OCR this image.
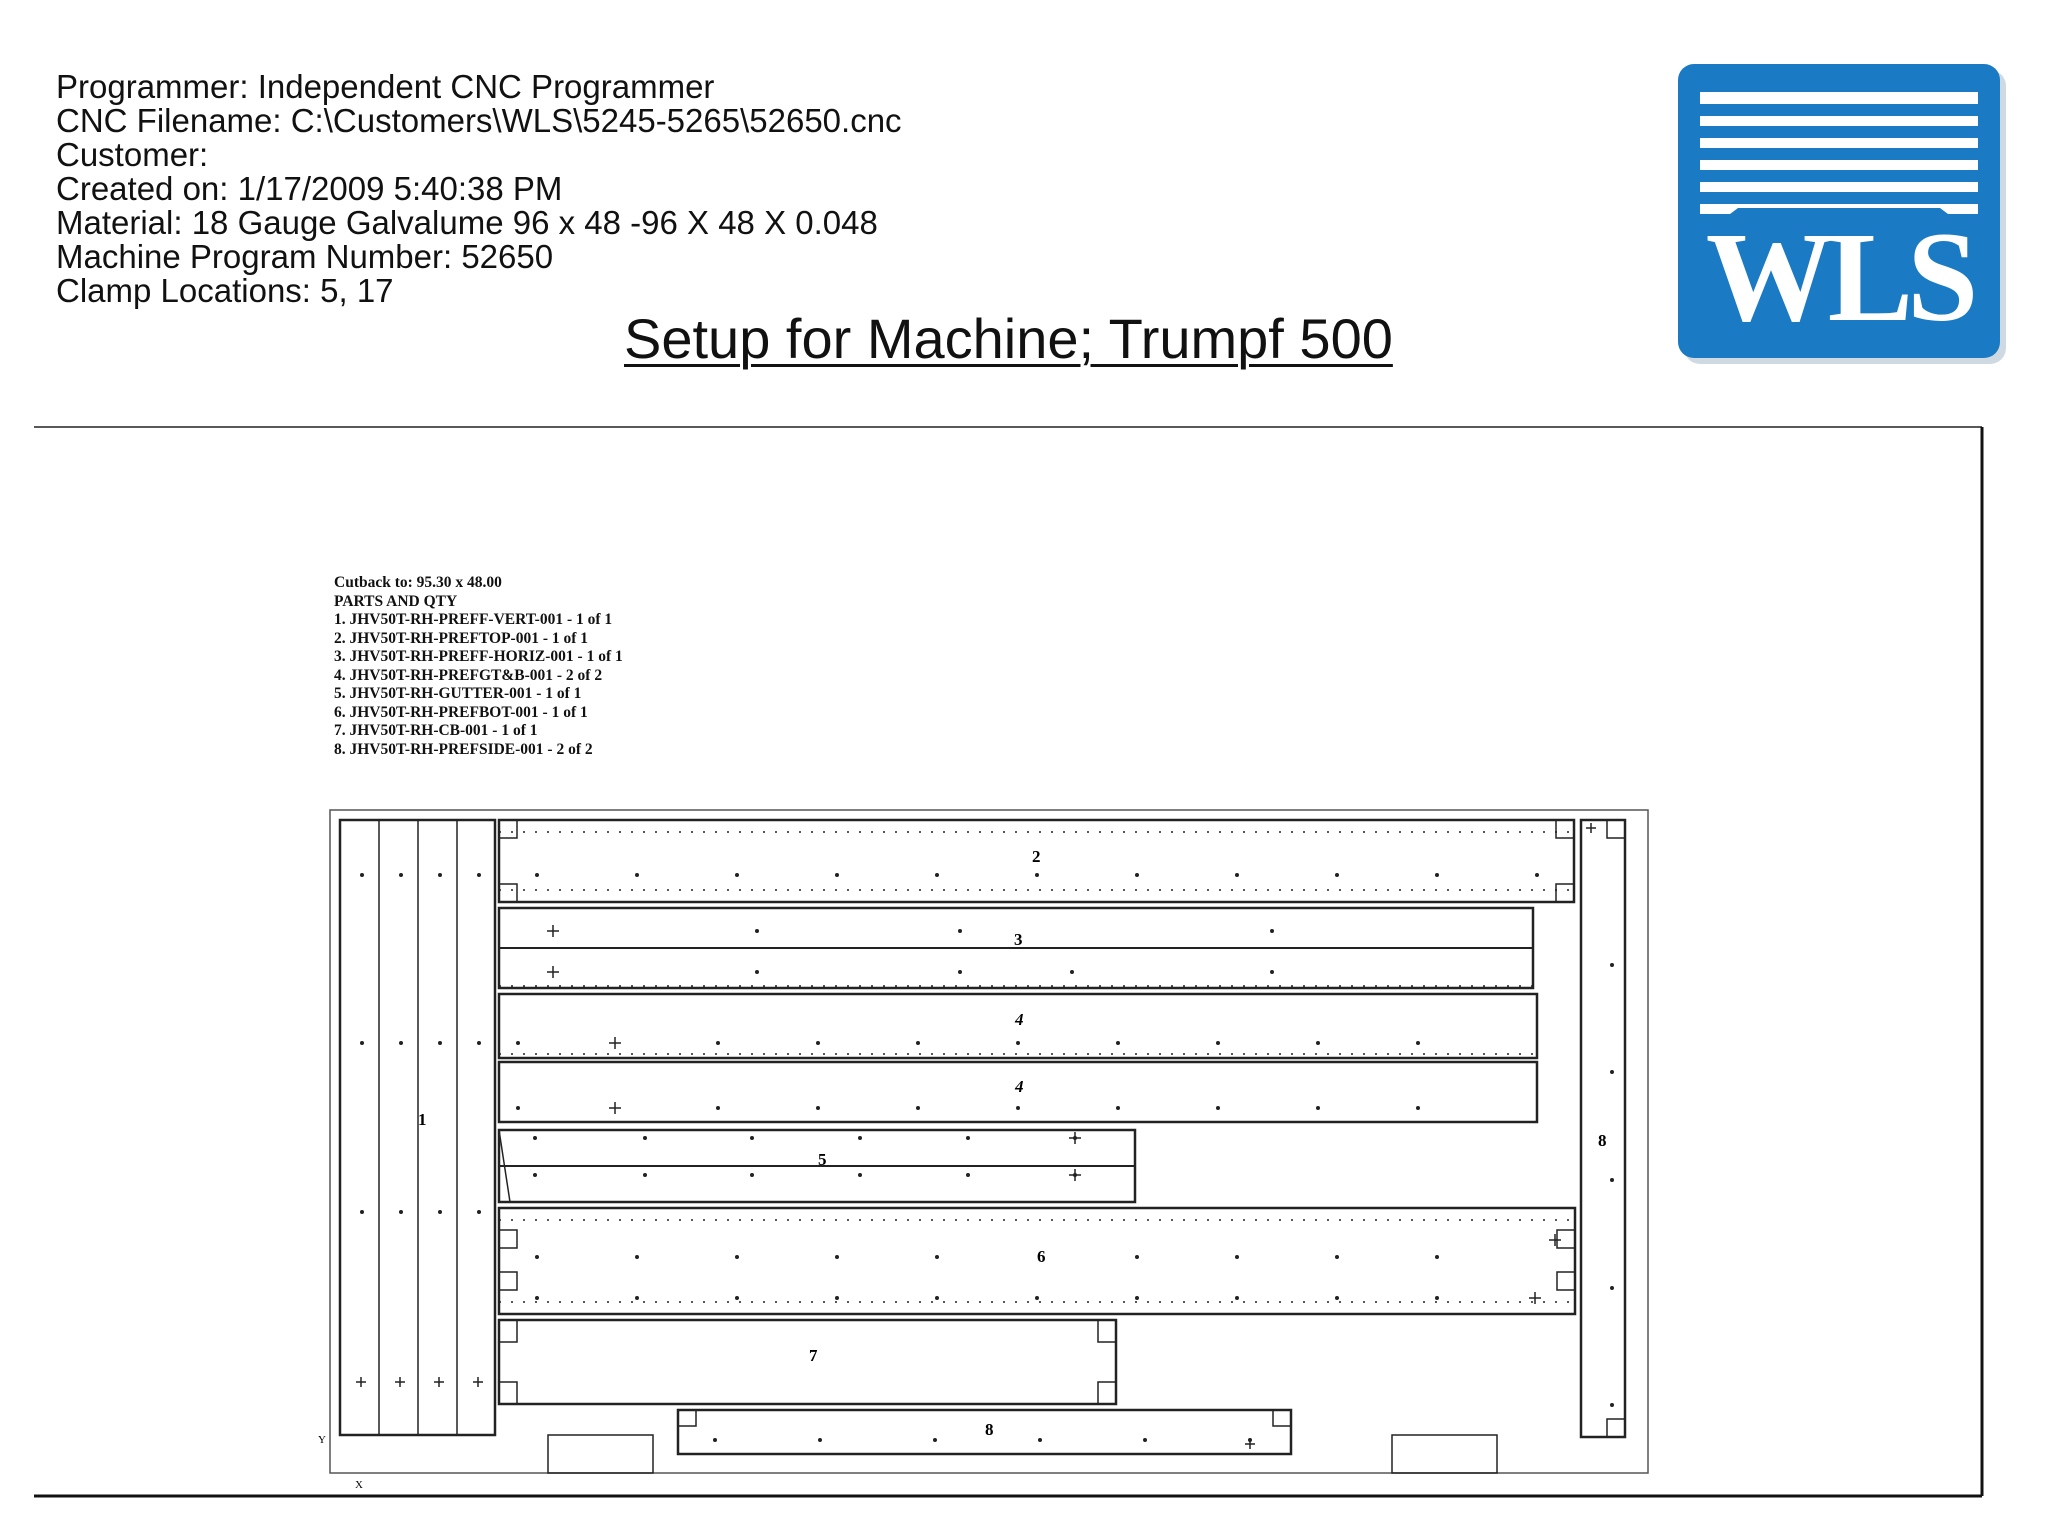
Programmer: Independent CNC Programmer
CNC Filename: C:\Customers\WLS\5245-5265\52650.cnc
Customer:
Created on: 1/17/2009 5:40:38 PM
Material: 18 Gauge Galvalume 96 x 48 -96 X 48 X 0.048
Machine Program Number: 52650
Clamp Locations: 5, 17
Setup for Machine; Trumpf 500 WLS
Cutback to: 95.30 x 48.00
PARTS AND QTY
1. JHV50T-RH-PREFF-VERT-001 - 1 of 1
2. JHV50T-RH-PREFTOP-001 - 1 of 1
3. JHV50T-RH-PREFF-HORIZ-001 - 1 of 1
4. JHV50T-RH-PREFGT&B-001 - 2 of 2
5. JHV50T-RH-GUTTER-001 - 1 of 1
6. JHV50T-RH-PREFBOT-001 - 1 of 1
7. JHV50T-RH-CB-001 - 1 of 1
8. JHV50T-RH-PREFSIDE-001 - 2 of 2
1
2
3
4
4
5
6
7
8
8
Y
X
